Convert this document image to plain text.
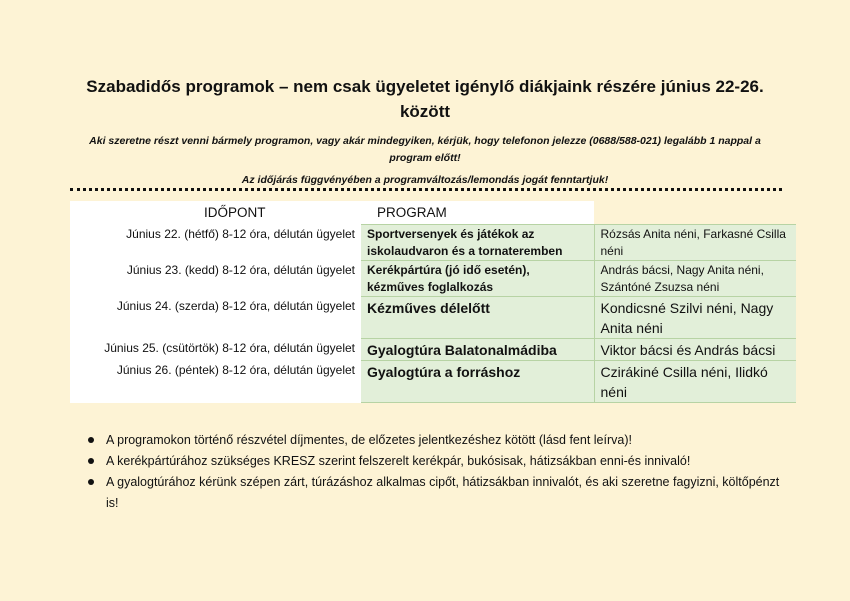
Szabadidős programok – nem csak ügyeletet igénylő diákjaink részére június 22-26. között
Aki szeretne részt venni bármely programon, vagy akár mindegyiken, kérjük, hogy telefonon jelezze (0688/588-021) legalább 1 nappal a program előtt!
Az időjárás függvényében a programváltozás/lemondás jogát fenntartjuk!
IDŐPONT	PROGRAM	
Június 22. (hétfő) 8-12 óra, délután ügyelet	Sportversenyek és játékok az iskolaudvaron és a tornateremben	Rózsás Anita néni, Farkasné Csilla néni
Június 23. (kedd) 8-12 óra, délután ügyelet	Kerékpártúra (jó idő esetén), kézműves foglalkozás	András bácsi, Nagy Anita néni, Szántóné Zsuzsa néni
Június 24. (szerda) 8-12 óra, délután ügyelet	Kézműves délelőtt	Kondicsné Szilvi néni, Nagy Anita néni
Június 25. (csütörtök) 8-12 óra, délután ügyelet	Gyalogtúra Balatonalmádiba	Viktor bácsi és András bácsi
Június 26. (péntek) 8-12 óra, délután ügyelet	Gyalogtúra a forráshoz	Czirákiné Csilla néni, Ilidkó néni
A programokon történő részvétel díjmentes, de előzetes jelentkezéshez kötött (lásd fent leírva)!
A kerékpártúrához szükséges KRESZ szerint felszerelt kerékpár, bukósisak, hátizsákban enni-és innivaló!
A gyalogtúrához kérünk szépen zárt, túrázáshoz alkalmas cipőt, hátizsákban innivalót, és aki szeretne fagyizni, költőpénzt is!
